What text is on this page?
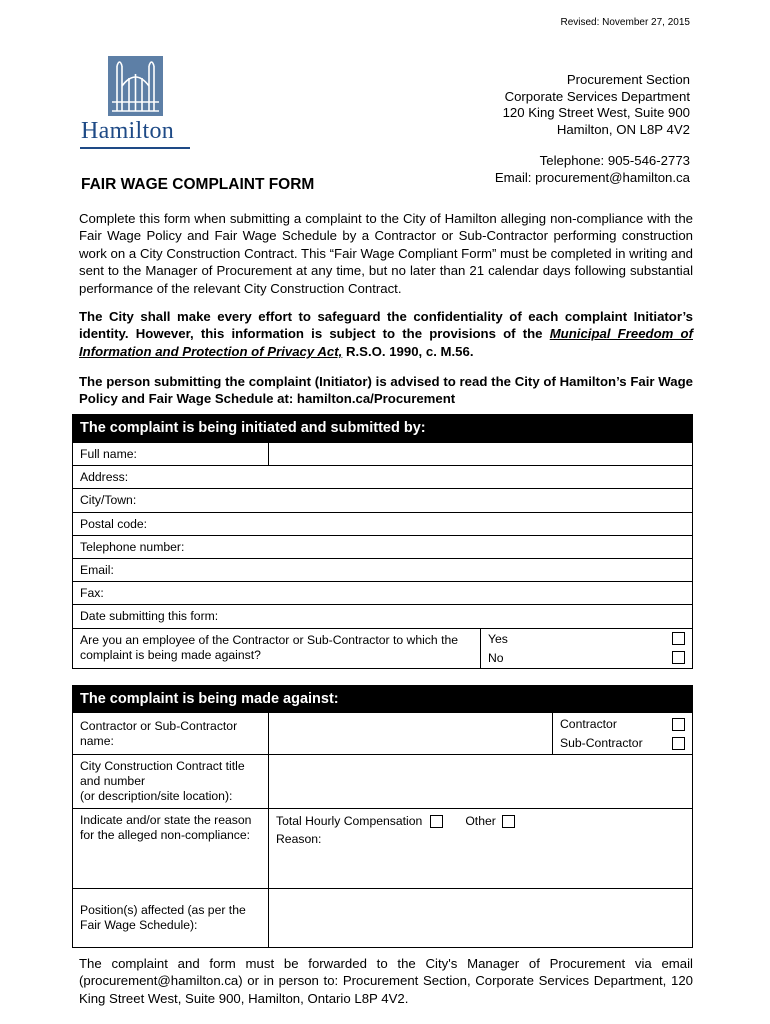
Revised: November 27, 2015
Hamilton
Procurement Section
Corporate Services Department
120 King Street West, Suite 900
Hamilton, ON L8P 4V2
Telephone: 905-546-2773
Email: procurement@hamilton.ca
FAIR WAGE COMPLAINT FORM
Complete this form when submitting a complaint to the City of Hamilton alleging non-compliance with the Fair Wage Policy and Fair Wage Schedule by a Contractor or Sub-Contractor performing construction work on a City Construction Contract. This “Fair Wage Compliant Form” must be completed in writing and sent to the Manager of Procurement at any time, but no later than 21 calendar days following substantial performance of the relevant City Construction Contract.
The City shall make every effort to safeguard the confidentiality of each complaint Initiator’s identity. However, this information is subject to the provisions of the Municipal Freedom of Information and Protection of Privacy Act, R.S.O. 1990, c. M.56.
The person submitting the complaint (Initiator) is advised to read the City of Hamilton’s Fair Wage Policy and Fair Wage Schedule at: hamilton.ca/Procurement
The complaint is being initiated and submitted by:
Full name:		
Address:		
City/Town:		
Postal code:		
Telephone number:		
Email:		
Fax:		
Date submitting this form:		
Are you an employee of the Contractor or Sub-Contractor to which the complaint is being made against?		Yes
No
The complaint is being made against:
Contractor or Sub-Contractor name:		Contractor
Sub-Contractor

City Construction Contract title and number
(or description/site location):		
Indicate and/or state the reason for the alleged non-compliance:	Total Hourly Compensation Other
Reason:	

Position(s) affected (as per the Fair Wage Schedule):		
The complaint and form must be forwarded to the City's Manager of Procurement via email (procurement@hamilton.ca) or in person to: Procurement Section, Corporate Services Department, 120 King Street West, Suite 900, Hamilton, Ontario L8P 4V2.
